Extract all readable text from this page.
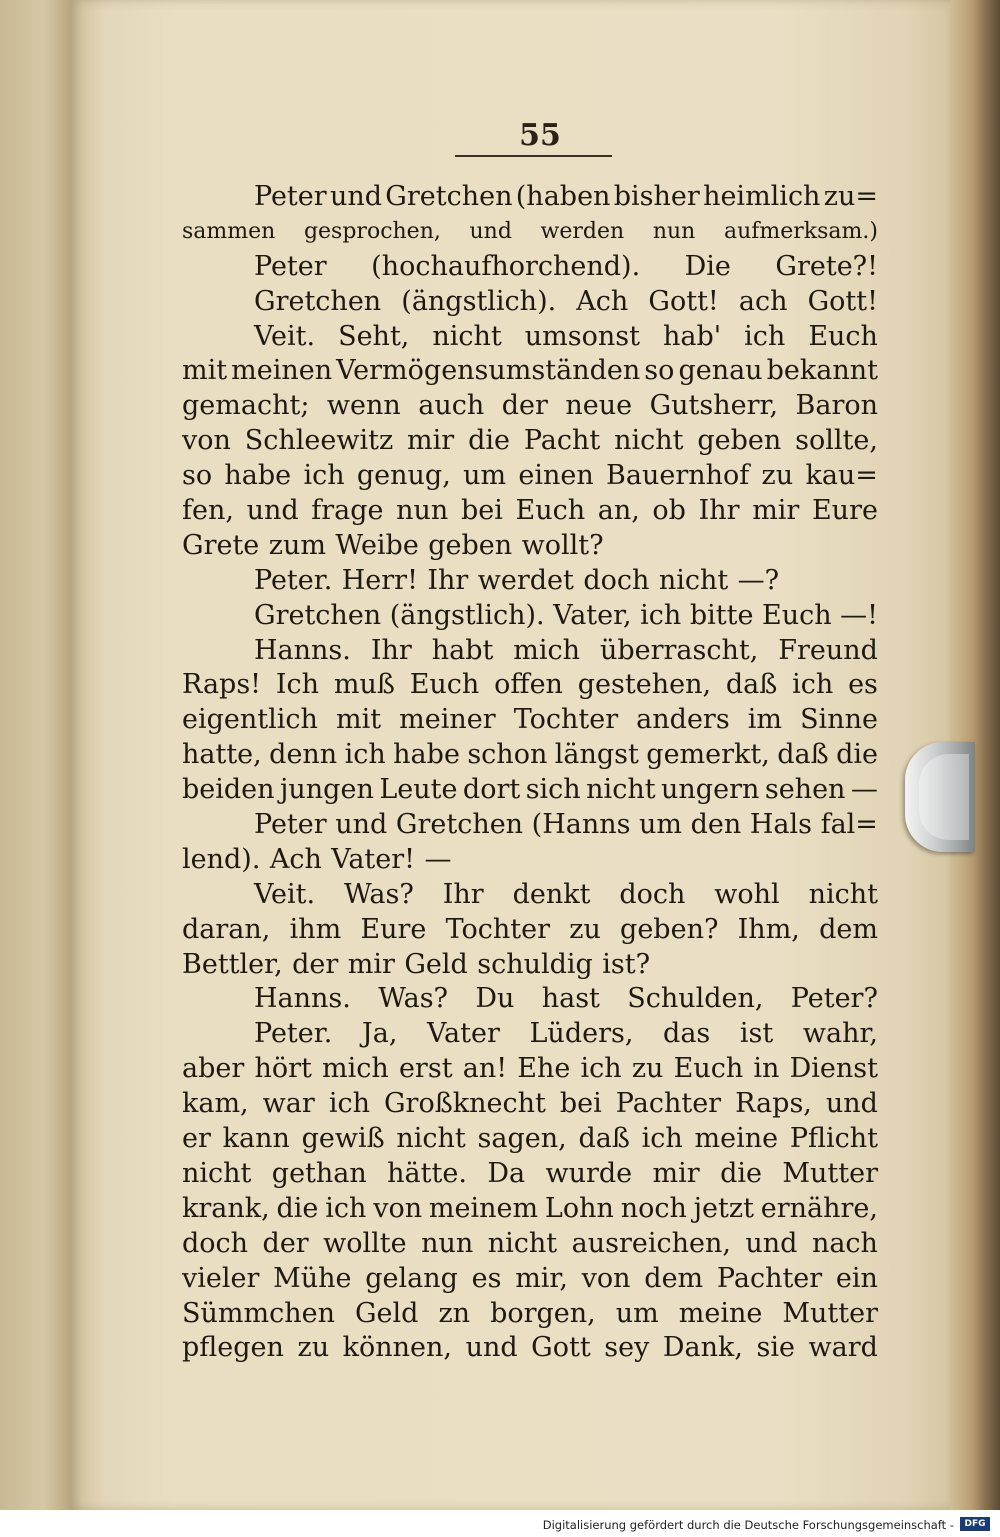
55
Peter und Gretchen (haben bisher heimlich zu=
sammen gesprochen, und werden nun aufmerksam.)
Peter (hochaufhorchend). Die Grete?!
Gretchen (ängstlich). Ach Gott! ach Gott!
Veit. Seht, nicht umsonst hab' ich Euch
mit meinen Vermögensumständen so genau bekannt
gemacht; wenn auch der neue Gutsherr, Baron
von Schleewitz mir die Pacht nicht geben sollte,
so habe ich genug, um einen Bauernhof zu kau=
fen, und frage nun bei Euch an, ob Ihr mir Eure
Grete zum Weibe geben wollt?
Peter. Herr! Ihr werdet doch nicht —?
Gretchen (ängstlich). Vater, ich bitte Euch —!
Hanns. Ihr habt mich überrascht, Freund
Raps! Ich muß Euch offen gestehen, daß ich es
eigentlich mit meiner Tochter anders im Sinne
hatte, denn ich habe schon längst gemerkt, daß die
beiden jungen Leute dort sich nicht ungern sehen —
Peter und Gretchen (Hanns um den Hals fal=
lend). Ach Vater! —
Veit. Was? Ihr denkt doch wohl nicht
daran, ihm Eure Tochter zu geben? Ihm, dem
Bettler, der mir Geld schuldig ist?
Hanns. Was? Du hast Schulden, Peter?
Peter. Ja, Vater Lüders, das ist wahr,
aber hört mich erst an! Ehe ich zu Euch in Dienst
kam, war ich Großknecht bei Pachter Raps, und
er kann gewiß nicht sagen, daß ich meine Pflicht
nicht gethan hätte. Da wurde mir die Mutter
krank, die ich von meinem Lohn noch jetzt ernähre,
doch der wollte nun nicht ausreichen, und nach
vieler Mühe gelang es mir, von dem Pachter ein
Sümmchen Geld zn borgen, um meine Mutter
pflegen zu können, und Gott sey Dank, sie ward
Digitalisierung gefördert durch die Deutsche Forschungsgemeinschaft -	DFG
